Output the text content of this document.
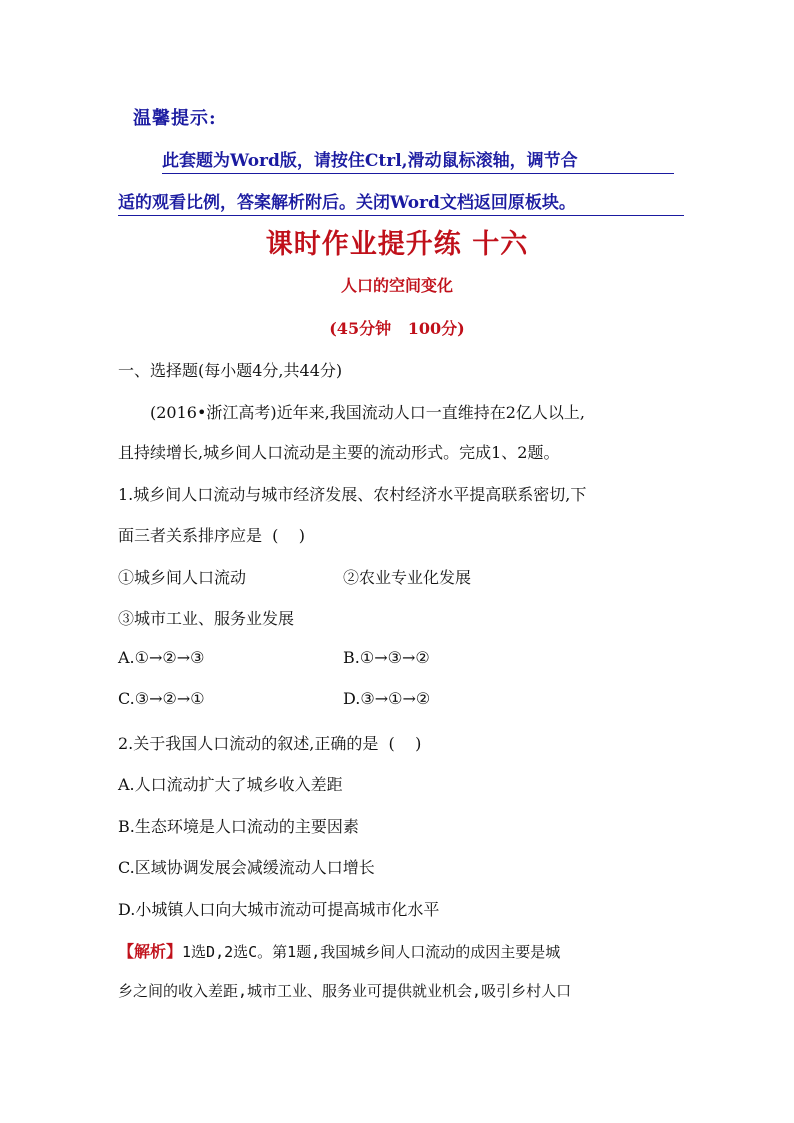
温馨提示:
此套题为Word版，请按住Ctrl,滑动鼠标滚轴，调节合
适的观看比例，答案解析附后。关闭Word文档返回原板块。
课时作业提升练 十六
人口的空间变化
(45分钟   100分)
一、选择题(每小题4分,共44分)
(2016•浙江高考)近年来,我国流动人口一直维持在2亿人以上,
且持续增长,城乡间人口流动是主要的流动形式。完成1、2题。
1.城乡间人口流动与城市经济发展、农村经济水平提高联系密切,下
面三者关系排序应是  (    )
①城乡间人口流动	②农业专业化发展
③城市工业、服务业发展
A.①→②→③	B.①→③→②
C.③→②→①	D.③→①→②
2.关于我国人口流动的叙述,正确的是  (    )
A.人口流动扩大了城乡收入差距
B.生态环境是人口流动的主要因素
C.区域协调发展会减缓流动人口增长
D.小城镇人口向大城市流动可提高城市化水平
【解析】1选D,2选C。第1题,我国城乡间人口流动的成因主要是城
乡之间的收入差距,城市工业、服务业可提供就业机会,吸引乡村人口
